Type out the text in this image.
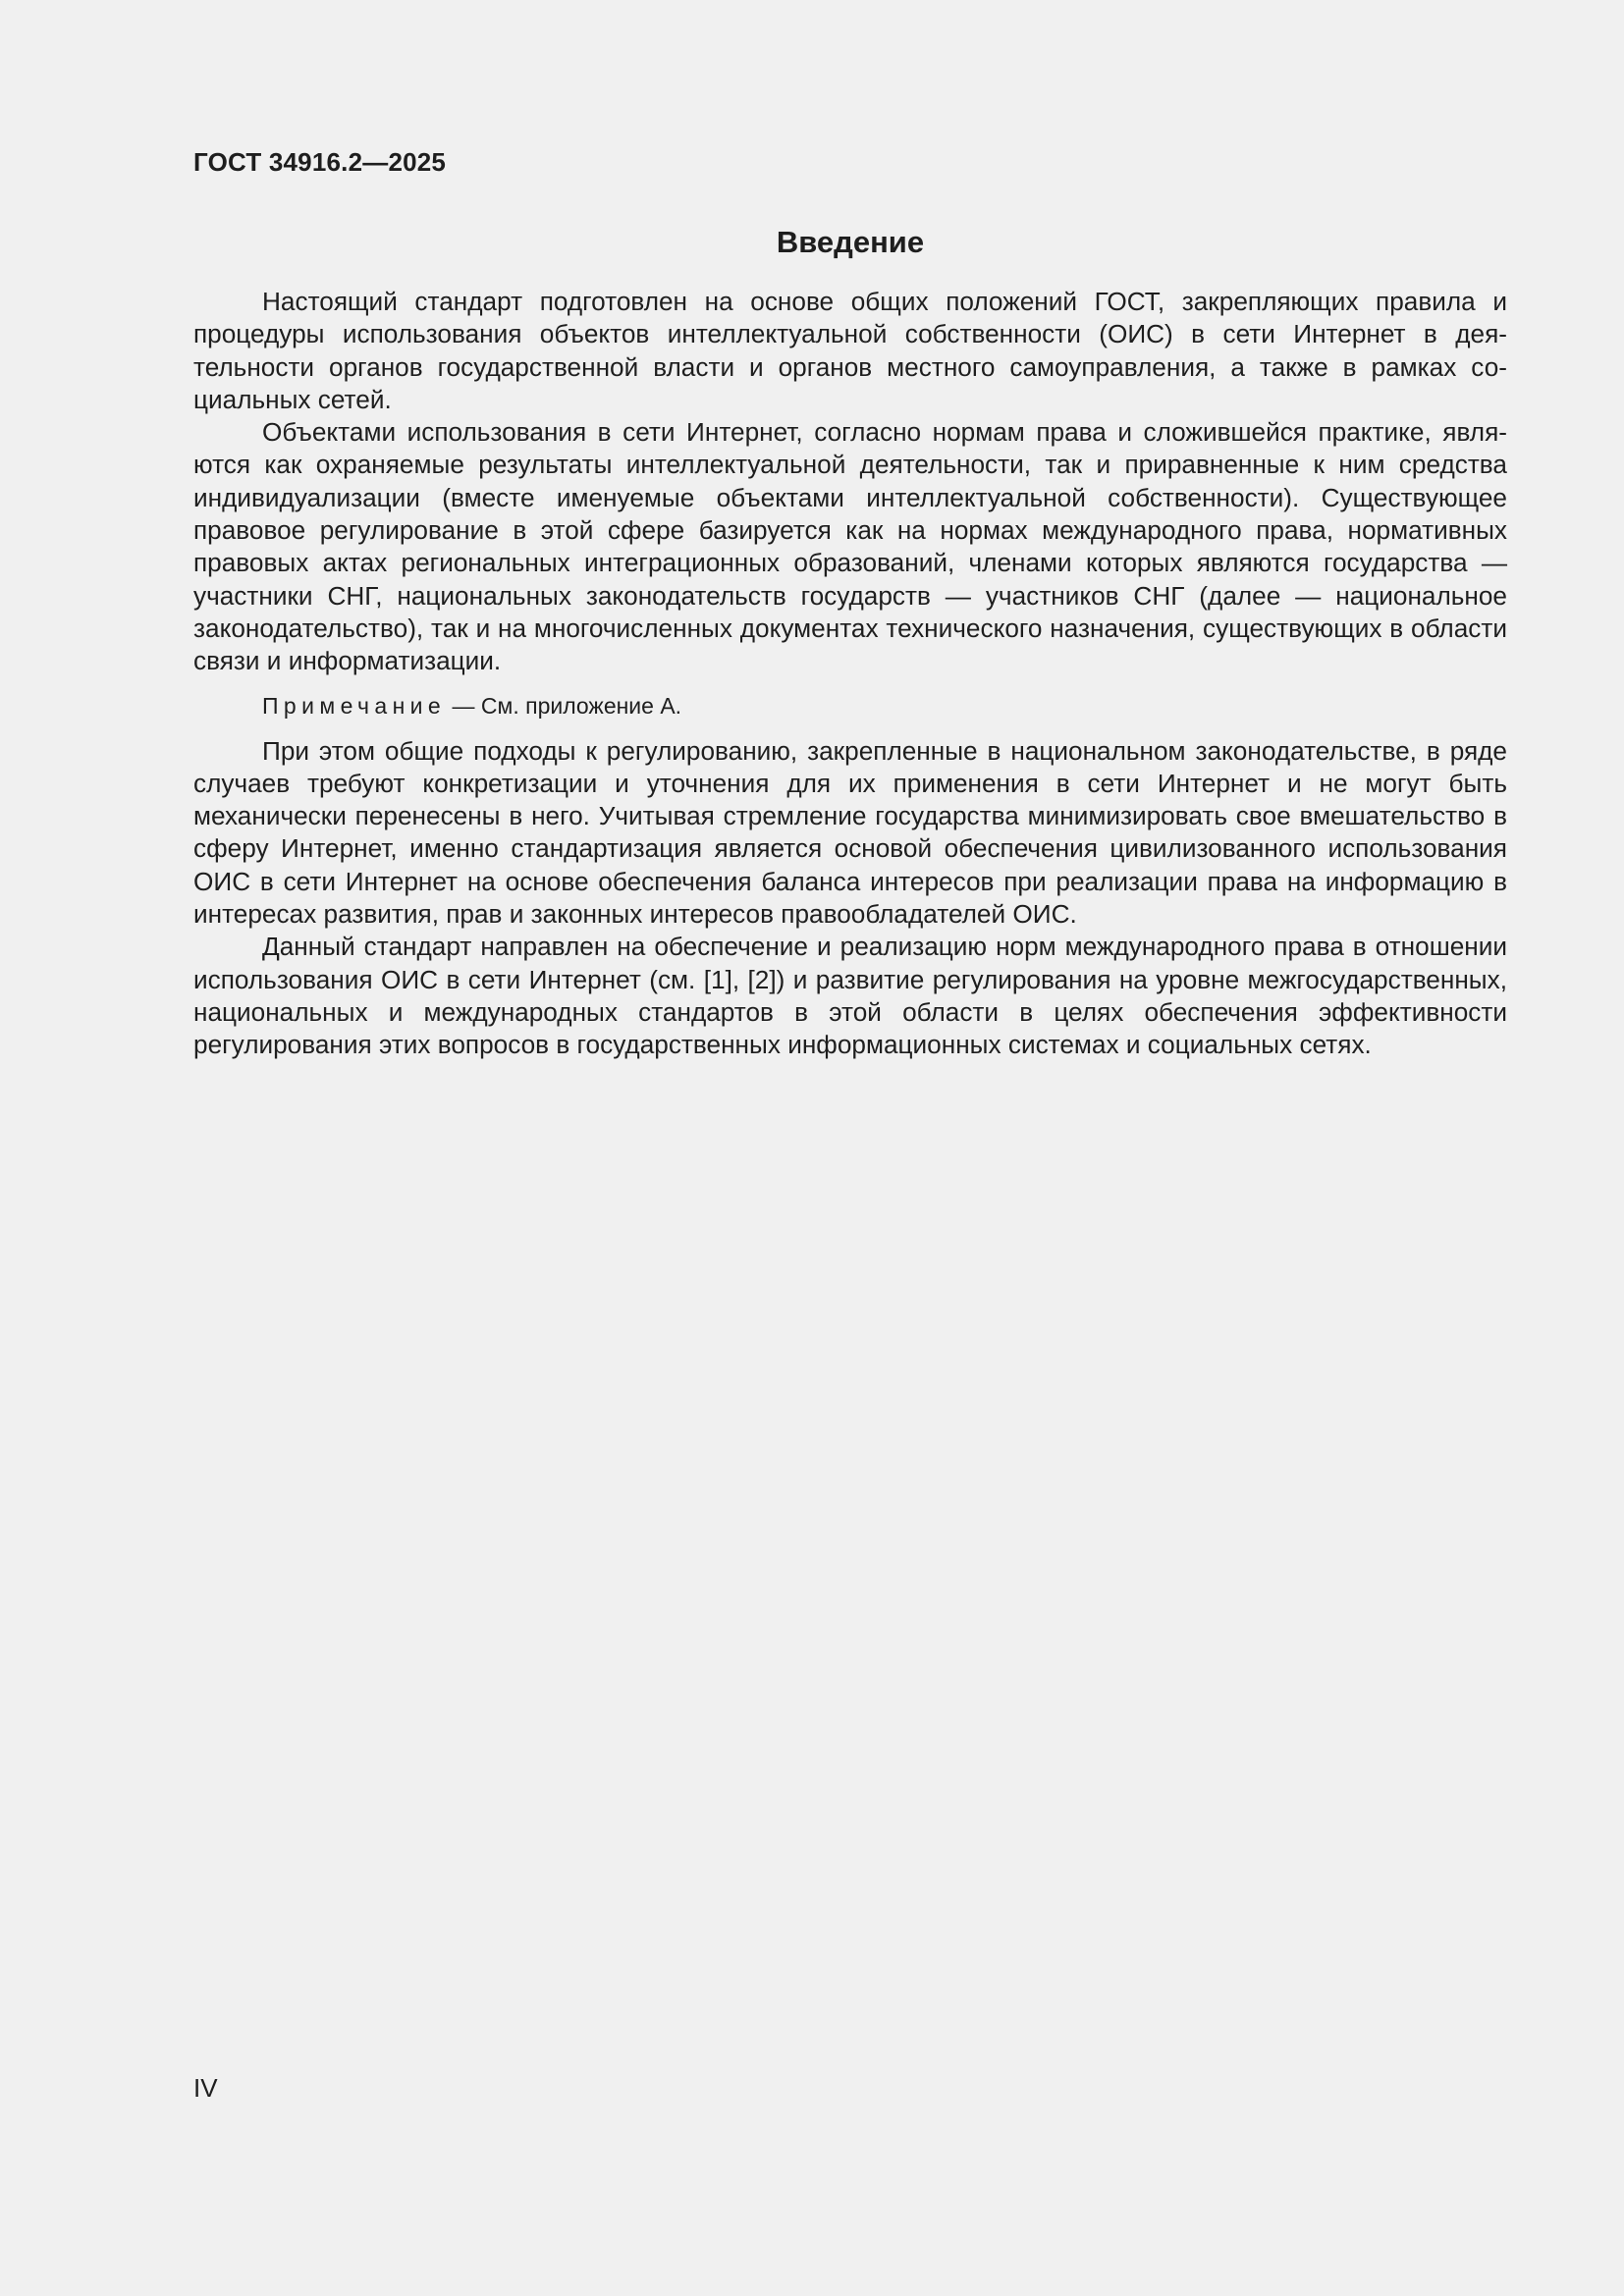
ГОСТ 34916.2—2025
Введение

Настоящий стандарт подготовлен на основе общих положений ГОСТ, закрепляющих правила и процедуры использования объектов интеллектуальной собственности (ОИС) в сети Интернет в деятельности органов государственной власти и органов местного самоуправления, а также в рамках социальных сетей.

Объектами использования в сети Интернет, согласно нормам права и сложившейся практике, являются как охраняемые результаты интеллектуальной деятельности, так и приравненные к ним средства индивидуализации (вместе именуемые объектами интеллектуальной собственности). Существующее правовое регулирование в этой сфере базируется как на нормах международного права, нормативных правовых актах региональных интеграционных образований, членами которых являются государства — участники СНГ, национальных законодательств государств — участников СНГ (далее — национальное законодательство), так и на многочисленных документах технического назначения, существующих в области связи и информатизации.

Примечание — См. приложение А.

При этом общие подходы к регулированию, закрепленные в национальном законодательстве, в ряде случаев требуют конкретизации и уточнения для их применения в сети Интернет и не могут быть механически перенесены в него. Учитывая стремление государства минимизировать свое вмешательство в сферу Интернет, именно стандартизация является основой обеспечения цивилизованного использования ОИС в сети Интернет на основе обеспечения баланса интересов при реализации права на информацию в интересах развития, прав и законных интересов правообладателей ОИС.

Данный стандарт направлен на обеспечение и реализацию норм международного права в отношении использования ОИС в сети Интернет (см. [1], [2]) и развитие регулирования на уровне межгосударственных, национальных и международных стандартов в этой области в целях обеспечения эффективности регулирования этих вопросов в государственных информационных системах и социальных сетях.

IV
